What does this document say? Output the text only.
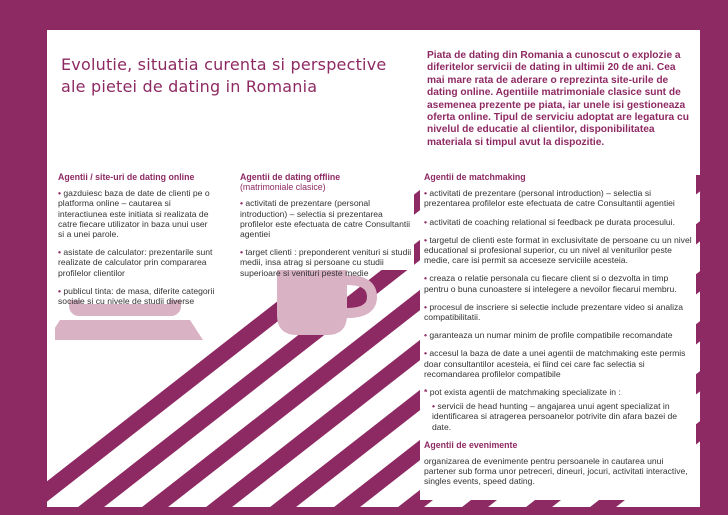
Evolutie, situatia curenta si perspective ale pietei de dating in Romania
Piata de dating din Romania a cunoscut o explozie a diferitelor servicii de dating in ultimii 20 de ani. Cea mai mare rata de aderare o reprezinta site-urile de dating online. Agentiile matrimoniale clasice sunt de asemenea prezente pe piata, iar unele isi gestioneaza oferta online. Tipul de serviciu adoptat are legatura cu nivelul de educatie al clientilor, disponibilitatea materiala si timpul avut la dispozitie.
Agentii / site-uri de dating online

• gazduiesc baza de date de clienti pe o platforma online – cautarea si interactiunea este initiata si realizata de catre fiecare utilizator in baza unui user si a unei parole.

• asistate de calculator: prezentarile sunt realizate de calculator prin compararea profilelor clientilor

• publicul tinta: de masa, diferite categorii sociale si cu nivele de studii diverse

Agentii de dating offline
(matrimoniale clasice)

• activitati de prezentare (personal introduction) – selectia si prezentarea profilelor este efectuata de catre Consultantii agentiei

• target clienti : preponderent venituri si studii medii, insa atrag si persoane cu studii superioare si venituri peste medie

Agentii de matchmaking

• activitati de prezentare (personal introduction) – selectia si prezentarea profilelor este efectuata de catre Consultantii agentiei

• activitati de coaching relational si feedback pe durata procesului.

• targetul de clienti este format in exclusivitate de persoane cu un nivel educational si profesional superior, cu un nivel al veniturilor peste medie, care isi permit sa acceseze serviciile acesteia.

• creaza o relatie personala cu fiecare client si o dezvolta in timp pentru o buna cunoastere si intelegere a nevoilor fiecarui membru.

• procesul de inscriere si selectie include prezentare video si analiza compatibilitatii.

• garanteaza un numar minim de profile compatibile recomandate

• accesul la baza de date a unei agentii de matchmaking este permis doar consultantilor acesteia, ei fiind cei care fac selectia si recomandarea profilelor compatibile

* pot exista agentii de matchmaking specializate in :

• servicii de head hunting – angajarea unui agent specializat in identificarea si atragerea persoanelor potrivite din afara bazei de date.

Agentii de evenimente

organizarea de evenimente pentru persoanele in cautarea unui partener sub forma unor petreceri, dineuri, jocuri, activitati interactive, singles events, speed dating.
